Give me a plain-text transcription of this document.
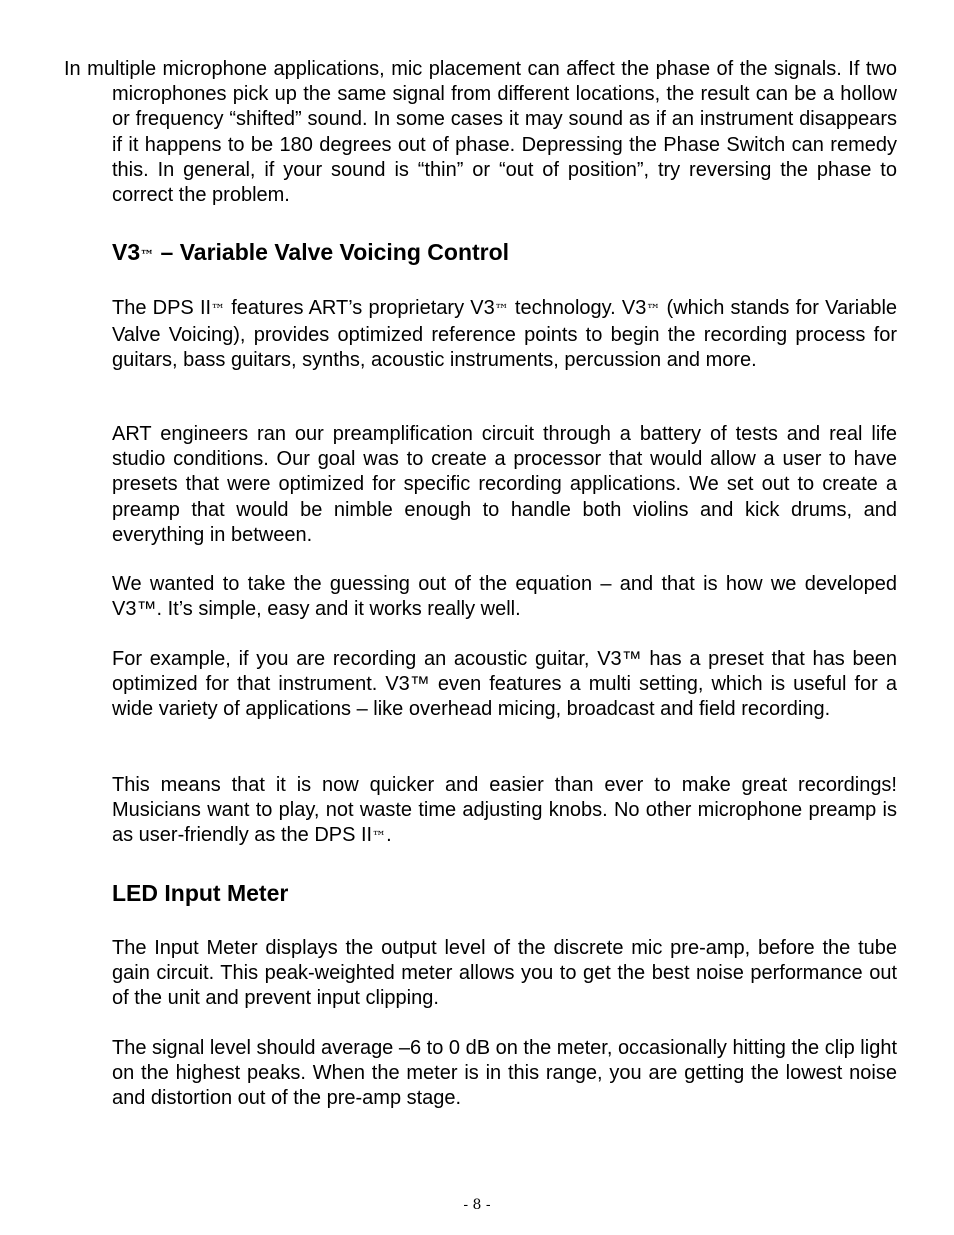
In multiple microphone applications, mic placement can affect the phase of the signals. If two microphones pick up the same signal from different locations, the result can be a hollow or frequency “shifted” sound. In some cases it may sound as if an instrument disappears if it happens to be 180 degrees out of phase. Depressing the Phase Switch can remedy this. In general, if your sound is “thin” or “out of position”, try reversing the phase to correct the problem.

V3™ – Variable Valve Voicing Control

The DPS II™ features ART’s proprietary V3™ technology. V3™ (which stands for Variable Valve Voicing), provides optimized reference points to begin the recording process for guitars, bass guitars, synths, acoustic instruments, percussion and more.

ART engineers ran our preamplification circuit through a battery of tests and real life studio conditions. Our goal was to create a processor that would allow a user to have presets that were optimized for specific recording applications. We set out to create a preamp that would be nimble enough to handle both violins and kick drums, and everything in between.

We wanted to take the guessing out of the equation – and that is how we developed V3™. It’s simple, easy and it works really well.

For example, if you are recording an acoustic guitar, V3™ has a preset that has been optimized for that instrument. V3™ even features a multi setting, which is useful for a wide variety of applications – like overhead micing, broadcast and field recording.

This means that it is now quicker and easier than ever to make great recordings! Musicians want to play, not waste time adjusting knobs. No other microphone preamp is as user-friendly as the DPS II™.

LED Input Meter

The Input Meter displays the output level of the discrete mic pre-amp, before the tube gain circuit. This peak-weighted meter allows you to get the best noise performance out of the unit and prevent input clipping.

The signal level should average –6 to 0 dB on the meter, occasionally hitting the clip light on the highest peaks. When the meter is in this range, you are getting the lowest noise and distortion out of the pre-amp stage.

- 8 -
